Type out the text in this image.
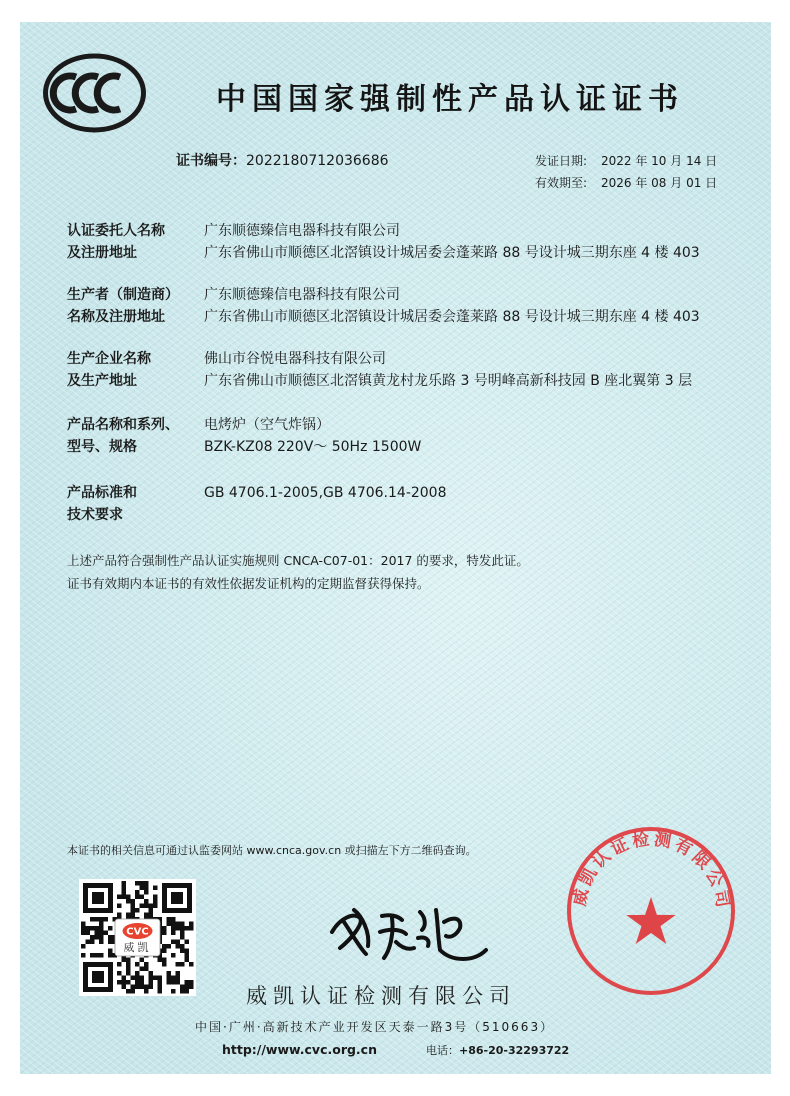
中国国家强制性产品认证证书
证书编号：2022180712036686	发证日期: 2022 年 10 月 14 日
有效期至: 2026 年 08 月 01 日
认证委托人名称
及注册地址
广东顺德臻信电器科技有限公司
广东省佛山市顺德区北滘镇设计城居委会蓬莱路 88 号设计城三期东座 4 楼 403
生产者（制造商）
名称及注册地址
广东顺德臻信电器科技有限公司
广东省佛山市顺德区北滘镇设计城居委会蓬莱路 88 号设计城三期东座 4 楼 403
生产企业名称
及生产地址
佛山市谷悦电器科技有限公司
广东省佛山市顺德区北滘镇黄龙村龙乐路 3 号明峰高新科技园 B 座北翼第 3 层
产品名称和系列、
型号、规格
电烤炉（空气炸锅）
BZK-KZ08 220V～ 50Hz 1500W
产品标准和
技术要求
GB 4706.1-2005,GB 4706.14-2008
上述产品符合强制性产品认证实施规则 CNCA-C07-01：2017 的要求，特发此证。
证书有效期内本证书的有效性依据发证机构的定期监督获得保持。
本证书的相关信息可通过认监委网站 www.cnca.gov.cn 或扫描左下方二维码查询。
CVC
威凯
威凯认证检测有限公司
中国·广州·高新技术产业开发区天泰一路3号（510663）
http://www.cvc.org.cn	电话：+86-20-32293722
威凯认证检测有限公司
